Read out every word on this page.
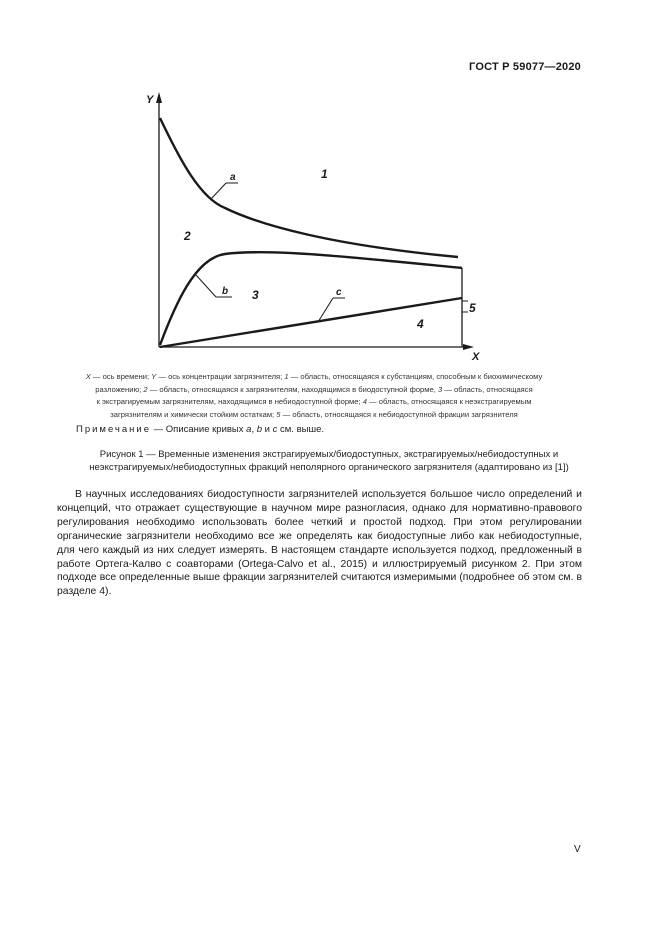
ГОСТ Р 59077—2020
Y
X
a
b	c
1
2
3
4
5
X — ось времени; Y — ось концентрации загрязнителя; 1 — область, относящаяся к субстанциям, способным к биохимическому
разложению; 2 — область, относящаяся к загрязнителям, находящимся в биодоступной форме, 3 — область, относящаяся
к экстрагируемым загрязнителям, находящимся в небиодоступной форме; 4 — область, относящаяся к неэкстрагируемым
загрязнителям и химически стойким остаткам; 5 — область, относящаяся к небиодоступной фракции загрязнителя
Примечание — Описание кривых a, b и c см. выше.
Рисунок 1 — Временные изменения экстрагируемых/биодоступных, экстрагируемых/небиодоступных и
неэкстрагируемых/небиодоступных фракций неполярного органического загрязнителя (адаптировано из [1])

В научных исследованиях биодоступности загрязнителей используется большое число определений и концепций, что отражает существующие в научном мире разногласия, однако для нормативно-правового регулирования необходимо использовать более четкий и простой подход. При этом регулировании органические загрязнители необходимо все же определять как биодоступные либо как небиодоступные, для чего каждый из них следует измерять. В настоящем стандарте используется подход, предложенный в работе Ортега-Калво с соавторами (Ortega-Calvo et al., 2015) и иллюстрируемый рисунком 2. При этом подходе все определенные выше фракции загрязнителей считаются измеримыми (подробнее об этом см. в разделе 4).

V
